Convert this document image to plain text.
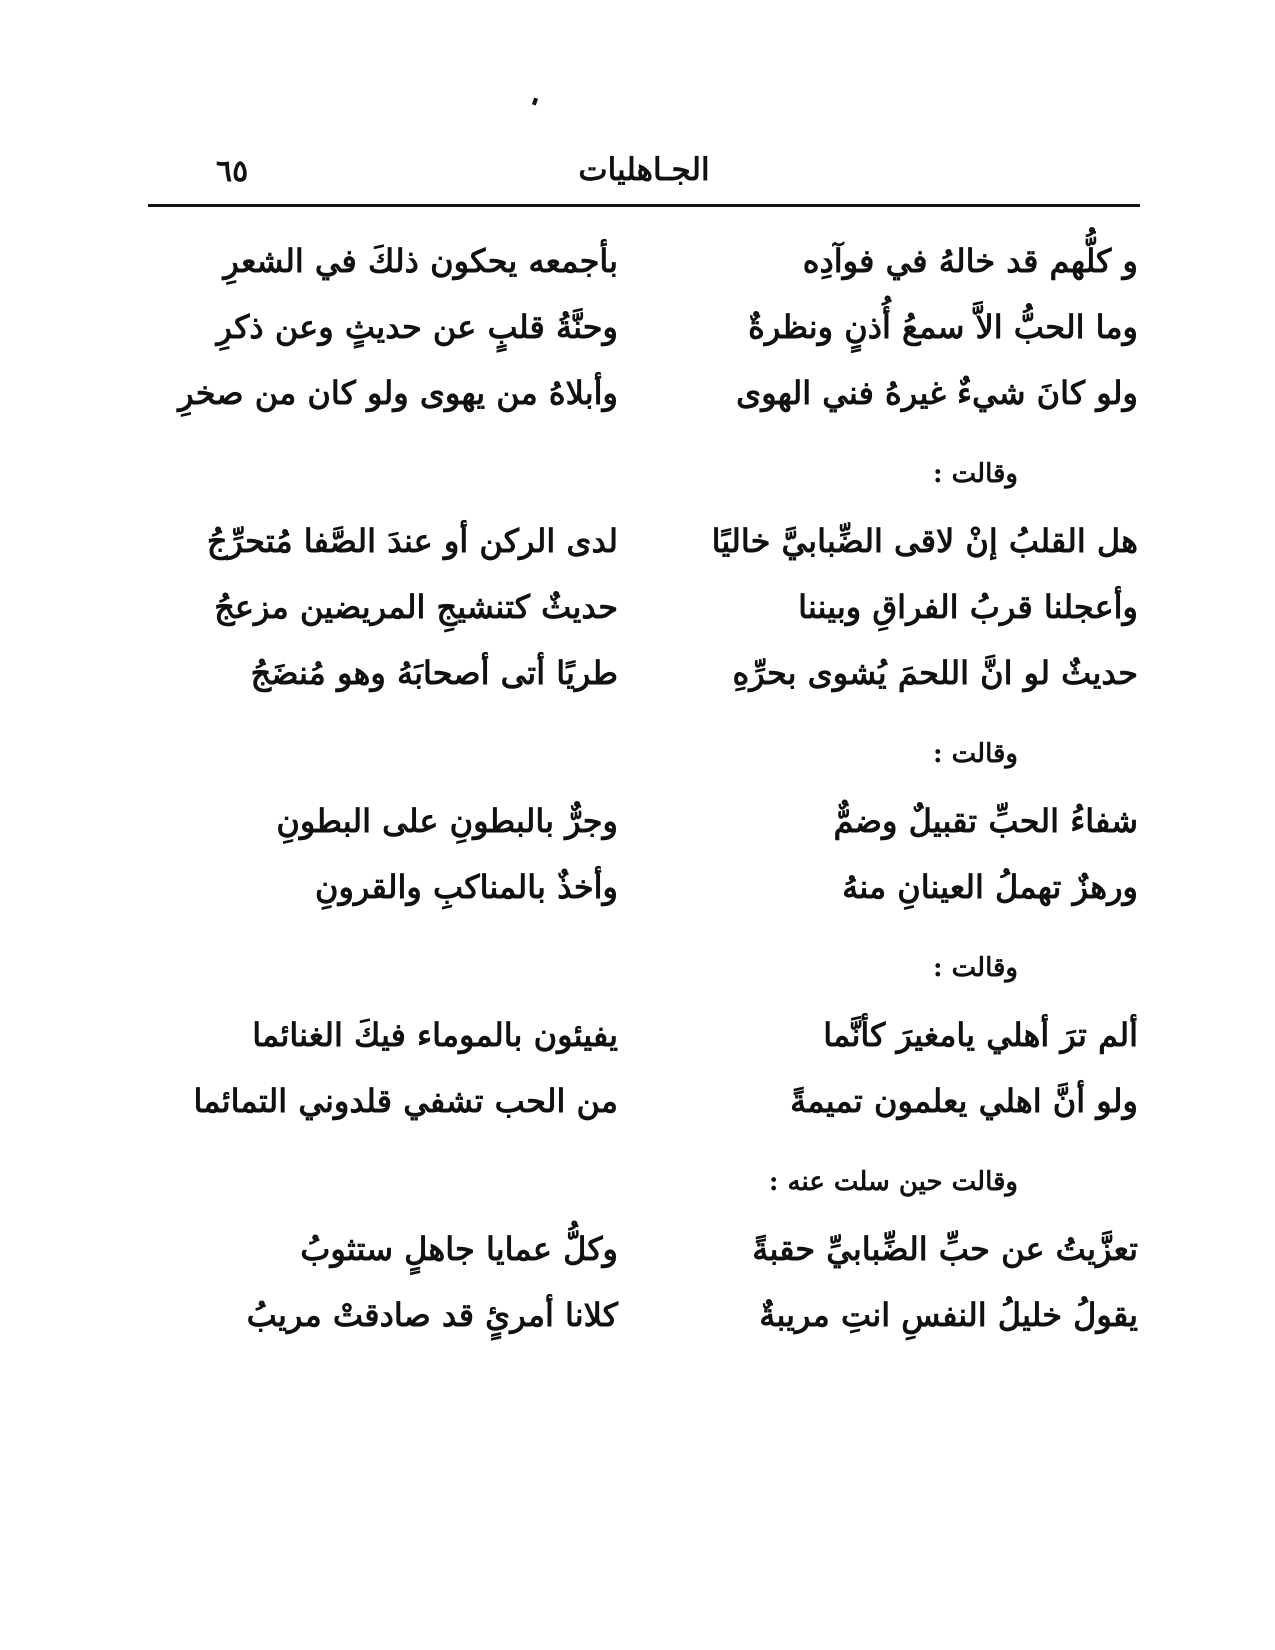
الجـاهليات
٦٥
و كلُّهم قد خالهُ في فوآدِه
بأجمعه يحكون ذلكَ في الشعرِ
وما الحبُّ الاَّ سمعُ أُذنٍ ونظرةٌ
وحنَّةُ قلبٍ عن حديثٍ وعن ذكرِ
ولو كانَ شيءٌ غيرهُ فني الهوى
وأبلاهُ من يهوى ولو كان من صخرِ
وقالت :
هل القلبُ إنْ لاقى الضِّبابيَّ خاليًا
لدى الركن أو عندَ الصَّفا مُتحرِّجُ
وأعجلنا قربُ الفراقِ وبيننا
حديثٌ كتنشيجِ المريضين مزعجُ
حديثٌ لو انَّ اللحمَ يُشوى بحرِّهِ
طريًا أتى أصحابَهُ وهو مُنضَجُ
وقالت :
شفاءُ الحبِّ تقبيلٌ وضمٌّ
وجرٌّ بالبطونِ على البطونِ
ورهزٌ تهملُ العينانِ منهُ
وأخذٌ بالمناكبِ والقرونِ
وقالت :
ألم ترَ أهلي يامغيرَ كأنَّما
يفيئون بالموماء فيكَ الغنائما
ولو أنَّ اهلي يعلمون تميمةً
من الحب تشفي قلدوني التمائما
وقالت حين سلت عنه :
تعزَّيتُ عن حبِّ الضِّبابيِّ حقبةً
وكلُّ عمايا جاهلٍ ستثوبُ
يقولُ خليلُ النفسِ انتِ مريبةٌ
كلانا أمرئٍ قد صادقتْ مريبُ
